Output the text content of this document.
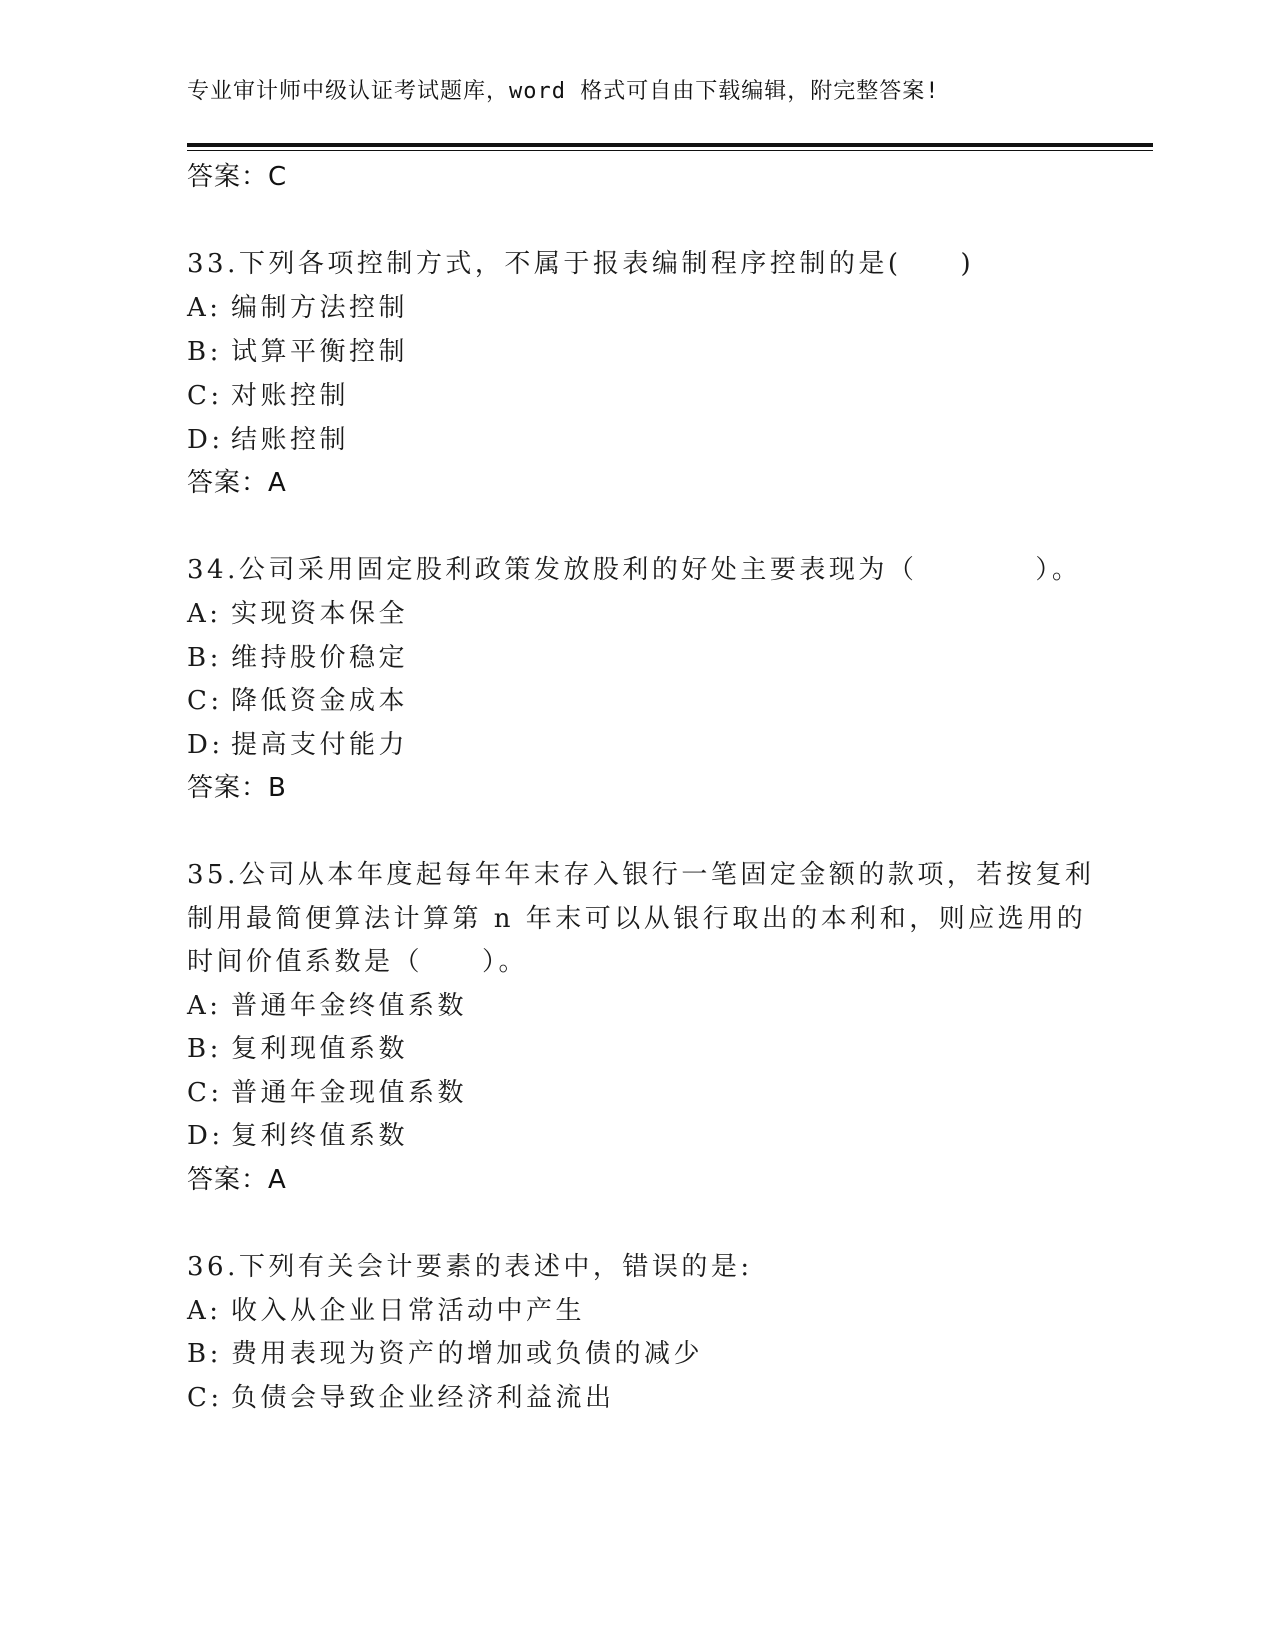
专业审计师中级认证考试题库，word 格式可自由下载编辑，附完整答案!
答案：C
33.下列各项控制方式，不属于报表编制程序控制的是(　　)
A: 编制方法控制
B: 试算平衡控制
C: 对账控制
D: 结账控制
答案：A
34.公司采用固定股利政策发放股利的好处主要表现为（　　　　）。
A: 实现资本保全
B: 维持股价稳定
C: 降低资金成本
D: 提高支付能力
答案：B
35.公司从本年度起每年年末存入银行一笔固定金额的款项，若按复利
制用最简便算法计算第 n 年末可以从银行取出的本利和，则应选用的
时间价值系数是（　　）。
A: 普通年金终值系数
B: 复利现值系数
C: 普通年金现值系数
D: 复利终值系数
答案：A
36.下列有关会计要素的表述中，错误的是:
A: 收入从企业日常活动中产生
B: 费用表现为资产的增加或负债的减少
C: 负债会导致企业经济利益流出
